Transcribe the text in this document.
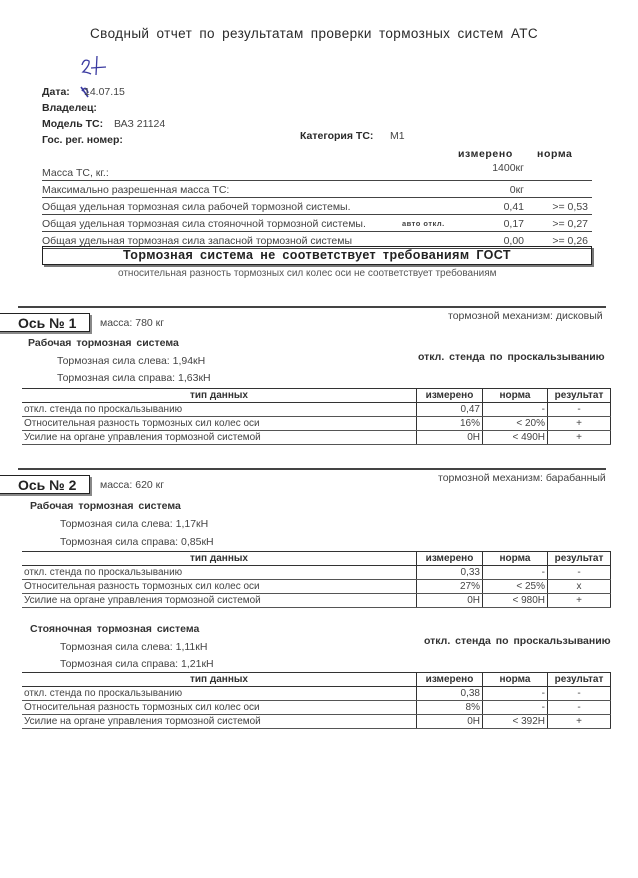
Сводный отчет по результатам проверки тормозных систем АТС
Дата: 14.07.15
Владелец:
Модель ТС: ВАЗ 21124
Гос. рег. номер:	Категория ТС: М1
измерено норма
Масса ТС, кг.:	1400кг
Максимально разрешенная масса ТС:	0кг
Общая удельная тормозная сила рабочей тормозной системы.	0,41	>= 0,53
Общая удельная тормозная сила стояночной тормозной системы.	авто откл.	0,17	>= 0,27
Общая удельная тормозная сила запасной тормозной системы	0,00	>= 0,26
Тормозная система не соответствует требованиям ГОСТ
относительная разность тормозных сил колес оси не соответствует требованиям
Ось № 1	масса: 780 кг
тормозной механизм: дисковый
Рабочая тормозная система
откл. стенда по проскальзыванию
Тормозная сила слева: 1,94кН
Тормозная сила справа: 1,63кН
тип данных	измерено	норма	результат
откл. стенда по проскальзыванию	0,47	-	-
Относительная разность тормозных сил колес оси	16%	< 20%	+
Усилие на органе управления тормозной системой	0Н	< 490Н	+
Ось № 2	масса: 620 кг
тормозной механизм: барабанный
Рабочая тормозная система
Тормозная сила слева: 1,17кН
Тормозная сила справа: 0,85кН
тип данных	измерено	норма	результат
откл. стенда по проскальзыванию	0,33	-	-
Относительная разность тормозных сил колес оси	27%	< 25%	x
Усилие на органе управления тормозной системой	0Н	< 980Н	+
Стояночная тормозная система
откл. стенда по проскальзыванию
Тормозная сила слева: 1,11кН
Тормозная сила справа: 1,21кН
тип данных	измерено	норма	результат
откл. стенда по проскальзыванию	0,38	-	-
Относительная разность тормозных сил колес оси	8%	-	-
Усилие на органе управления тормозной системой	0Н	< 392Н	+
